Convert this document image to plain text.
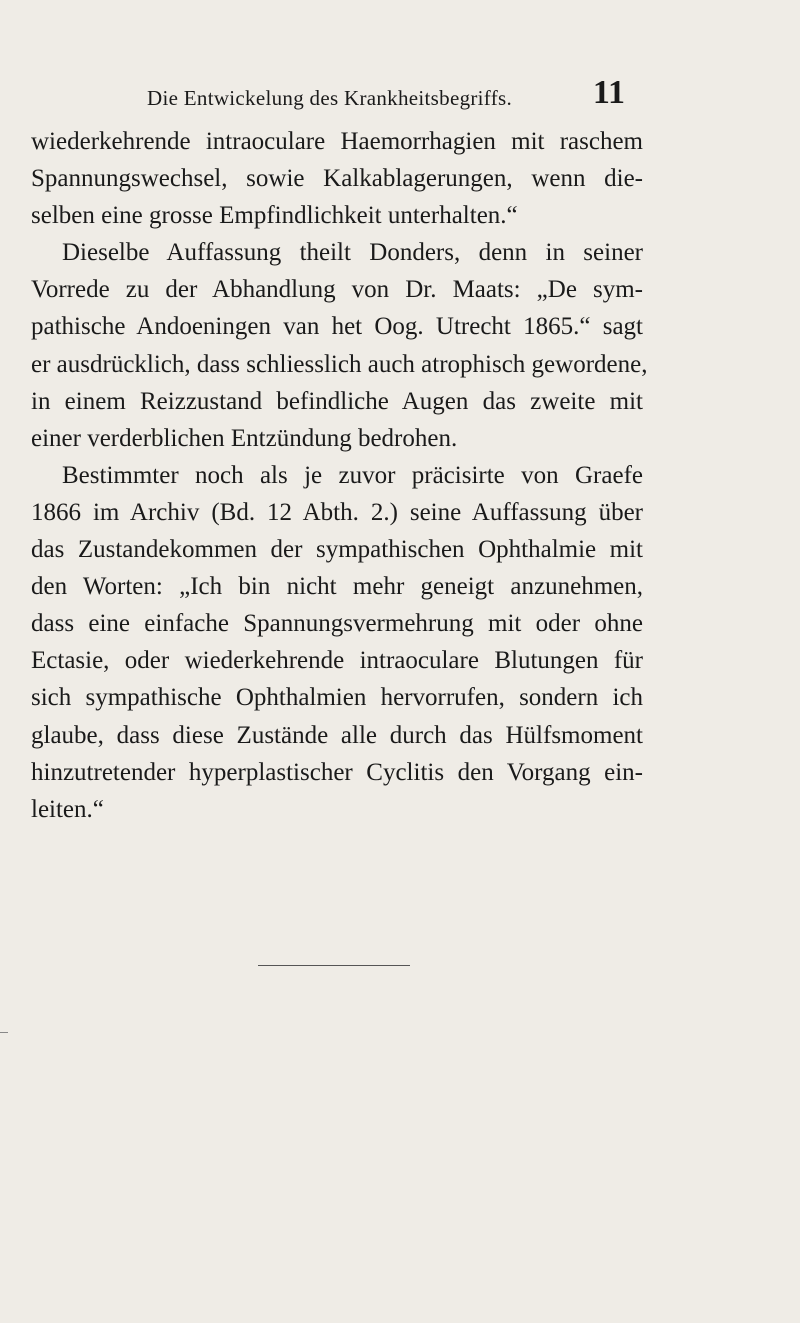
Die Entwickelung des Krankheitsbegriffs. 11
wiederkehrende intraoculare Haemorrhagien mit raschem
Spannungswechsel, sowie Kalkablagerungen, wenn die-
selben eine grosse Empfindlichkeit unterhalten.“
Dieselbe Auffassung theilt Donders, denn in seiner
Vorrede zu der Abhandlung von Dr. Maats: „De sym-
pathische Andoeningen van het Oog. Utrecht 1865.“ sagt
er ausdrücklich, dass schliesslich auch atrophisch gewordene,
in einem Reizzustand befindliche Augen das zweite mit
einer verderblichen Entzündung bedrohen.
Bestimmter noch als je zuvor präcisirte von Graefe
1866 im Archiv (Bd. 12 Abth. 2.) seine Auffassung über
das Zustandekommen der sympathischen Ophthalmie mit
den Worten: „Ich bin nicht mehr geneigt anzunehmen,
dass eine einfache Spannungsvermehrung mit oder ohne
Ectasie, oder wiederkehrende intraoculare Blutungen für
sich sympathische Ophthalmien hervorrufen, sondern ich
glaube, dass diese Zustände alle durch das Hülfsmoment
hinzutretender hyperplastischer Cyclitis den Vorgang ein-
leiten.“
